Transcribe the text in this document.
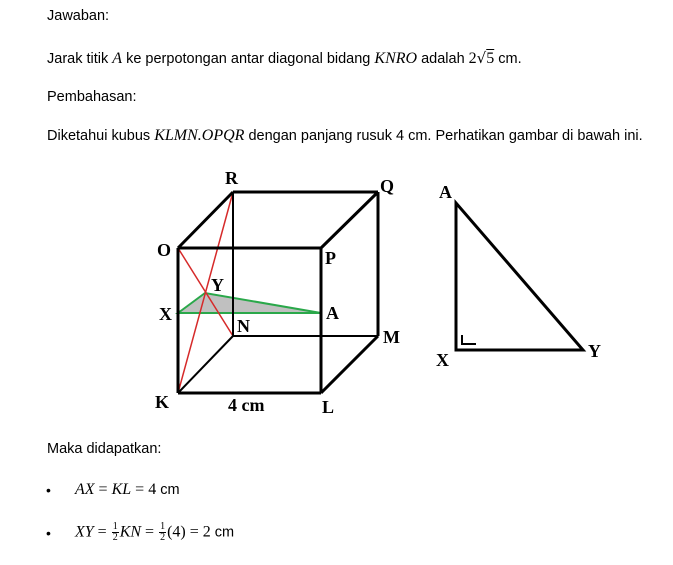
Jawaban:
Jarak titik A ke perpotongan antar diagonal bidang KNRO adalah 2√5 cm.
Pembahasan:
Diketahui kubus KLMN.OPQR dengan panjang rusuk 4 cm. Perhatikan gambar di bawah ini.
R	Q
O	P
Y
X	A
N
M
K	L
4 cm
A
X	Y
Maka didapatkan:
• AX = KL = 4 cm
• XY = $\frac{1}{2}$ KN = $\frac{1}{2} (4) = 2$ cm
